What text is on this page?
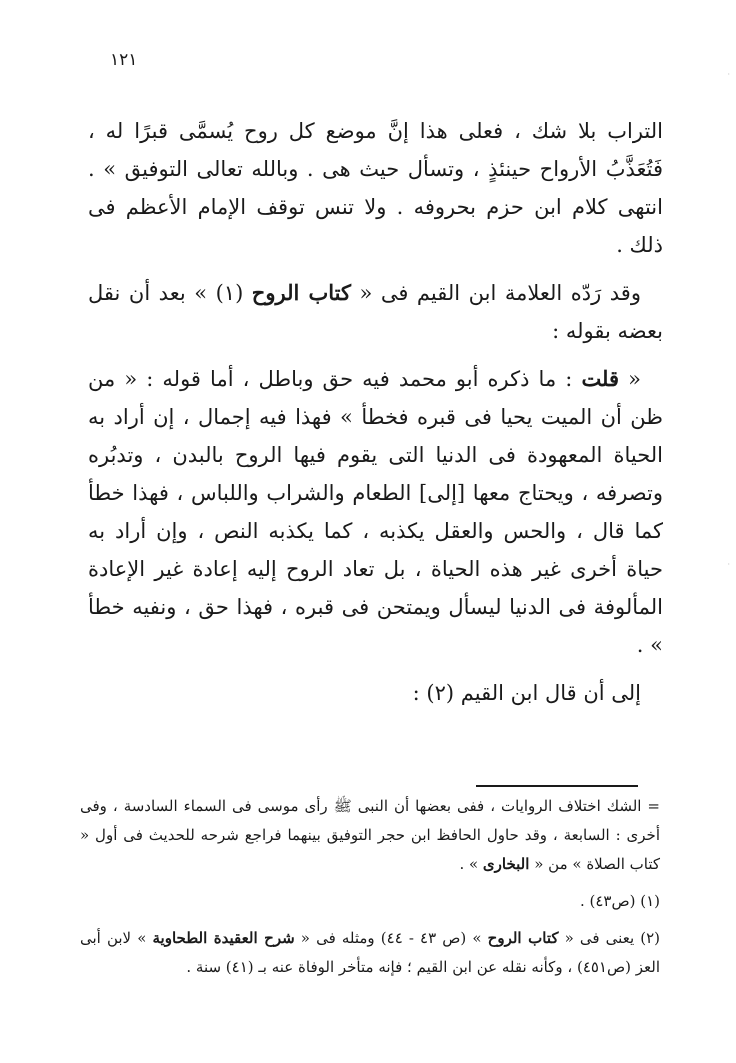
١٢١

التراب بلا شك ، فعلى هذا إنَّ موضع كل روح يُسمَّى قبرًا له ، فَتُعَذَّبُ الأرواح حينئذٍ ، وتسأل حيث هى . وبالله تعالى التوفيق » . انتهى كلام ابن حزم بحروفه . ولا تنس توقف الإمام الأعظم فى ذلك .

وقد رَدّه العلامة ابن القيم فى « كتاب الروح (١) » بعد أن نقل بعضه بقوله :

« قلت : ما ذكره أبو محمد فيه حق وباطل ، أما قوله : « من ظن أن الميت يحيا فى قبره فخطأ » فهذا فيه إجمال ، إن أراد به الحياة المعهودة فى الدنيا التى يقوم فيها الروح بالبدن ، وتدبُره وتصرفه ، ويحتاج معها [إلى] الطعام والشراب واللباس ، فهذا خطأ كما قال ، والحس والعقل يكذبه ، كما يكذبه النص ، وإن أراد به حياة أخرى غير هذه الحياة ، بل تعاد الروح إليه إعادة غير الإعادة المألوفة فى الدنيا ليسأل ويمتحن فى قبره ، فهذا حق ، ونفيه خطأ » .

إلى أن قال ابن القيم (٢) :

= الشك اختلاف الروايات ، ففى بعضها أن النبى ﷺ رأى موسى فى السماء السادسة ، وفى أخرى : السابعة ، وقد حاول الحافظ ابن حجر التوفيق بينهما فراجع شرحه للحديث فى أول « كتاب الصلاة » من « البخارى » .

(١) (ص٤٣) .

(٢) يعنى فى « كتاب الروح » (ص ٤٣ - ٤٤) ومثله فى « شرح العقيدة الطحاوية » لابن أبى العز (ص٤٥١) ، وكأنه نقله عن ابن القيم ؛ فإنه متأخر الوفاة عنه بـ (٤١) سنة .

·
·
